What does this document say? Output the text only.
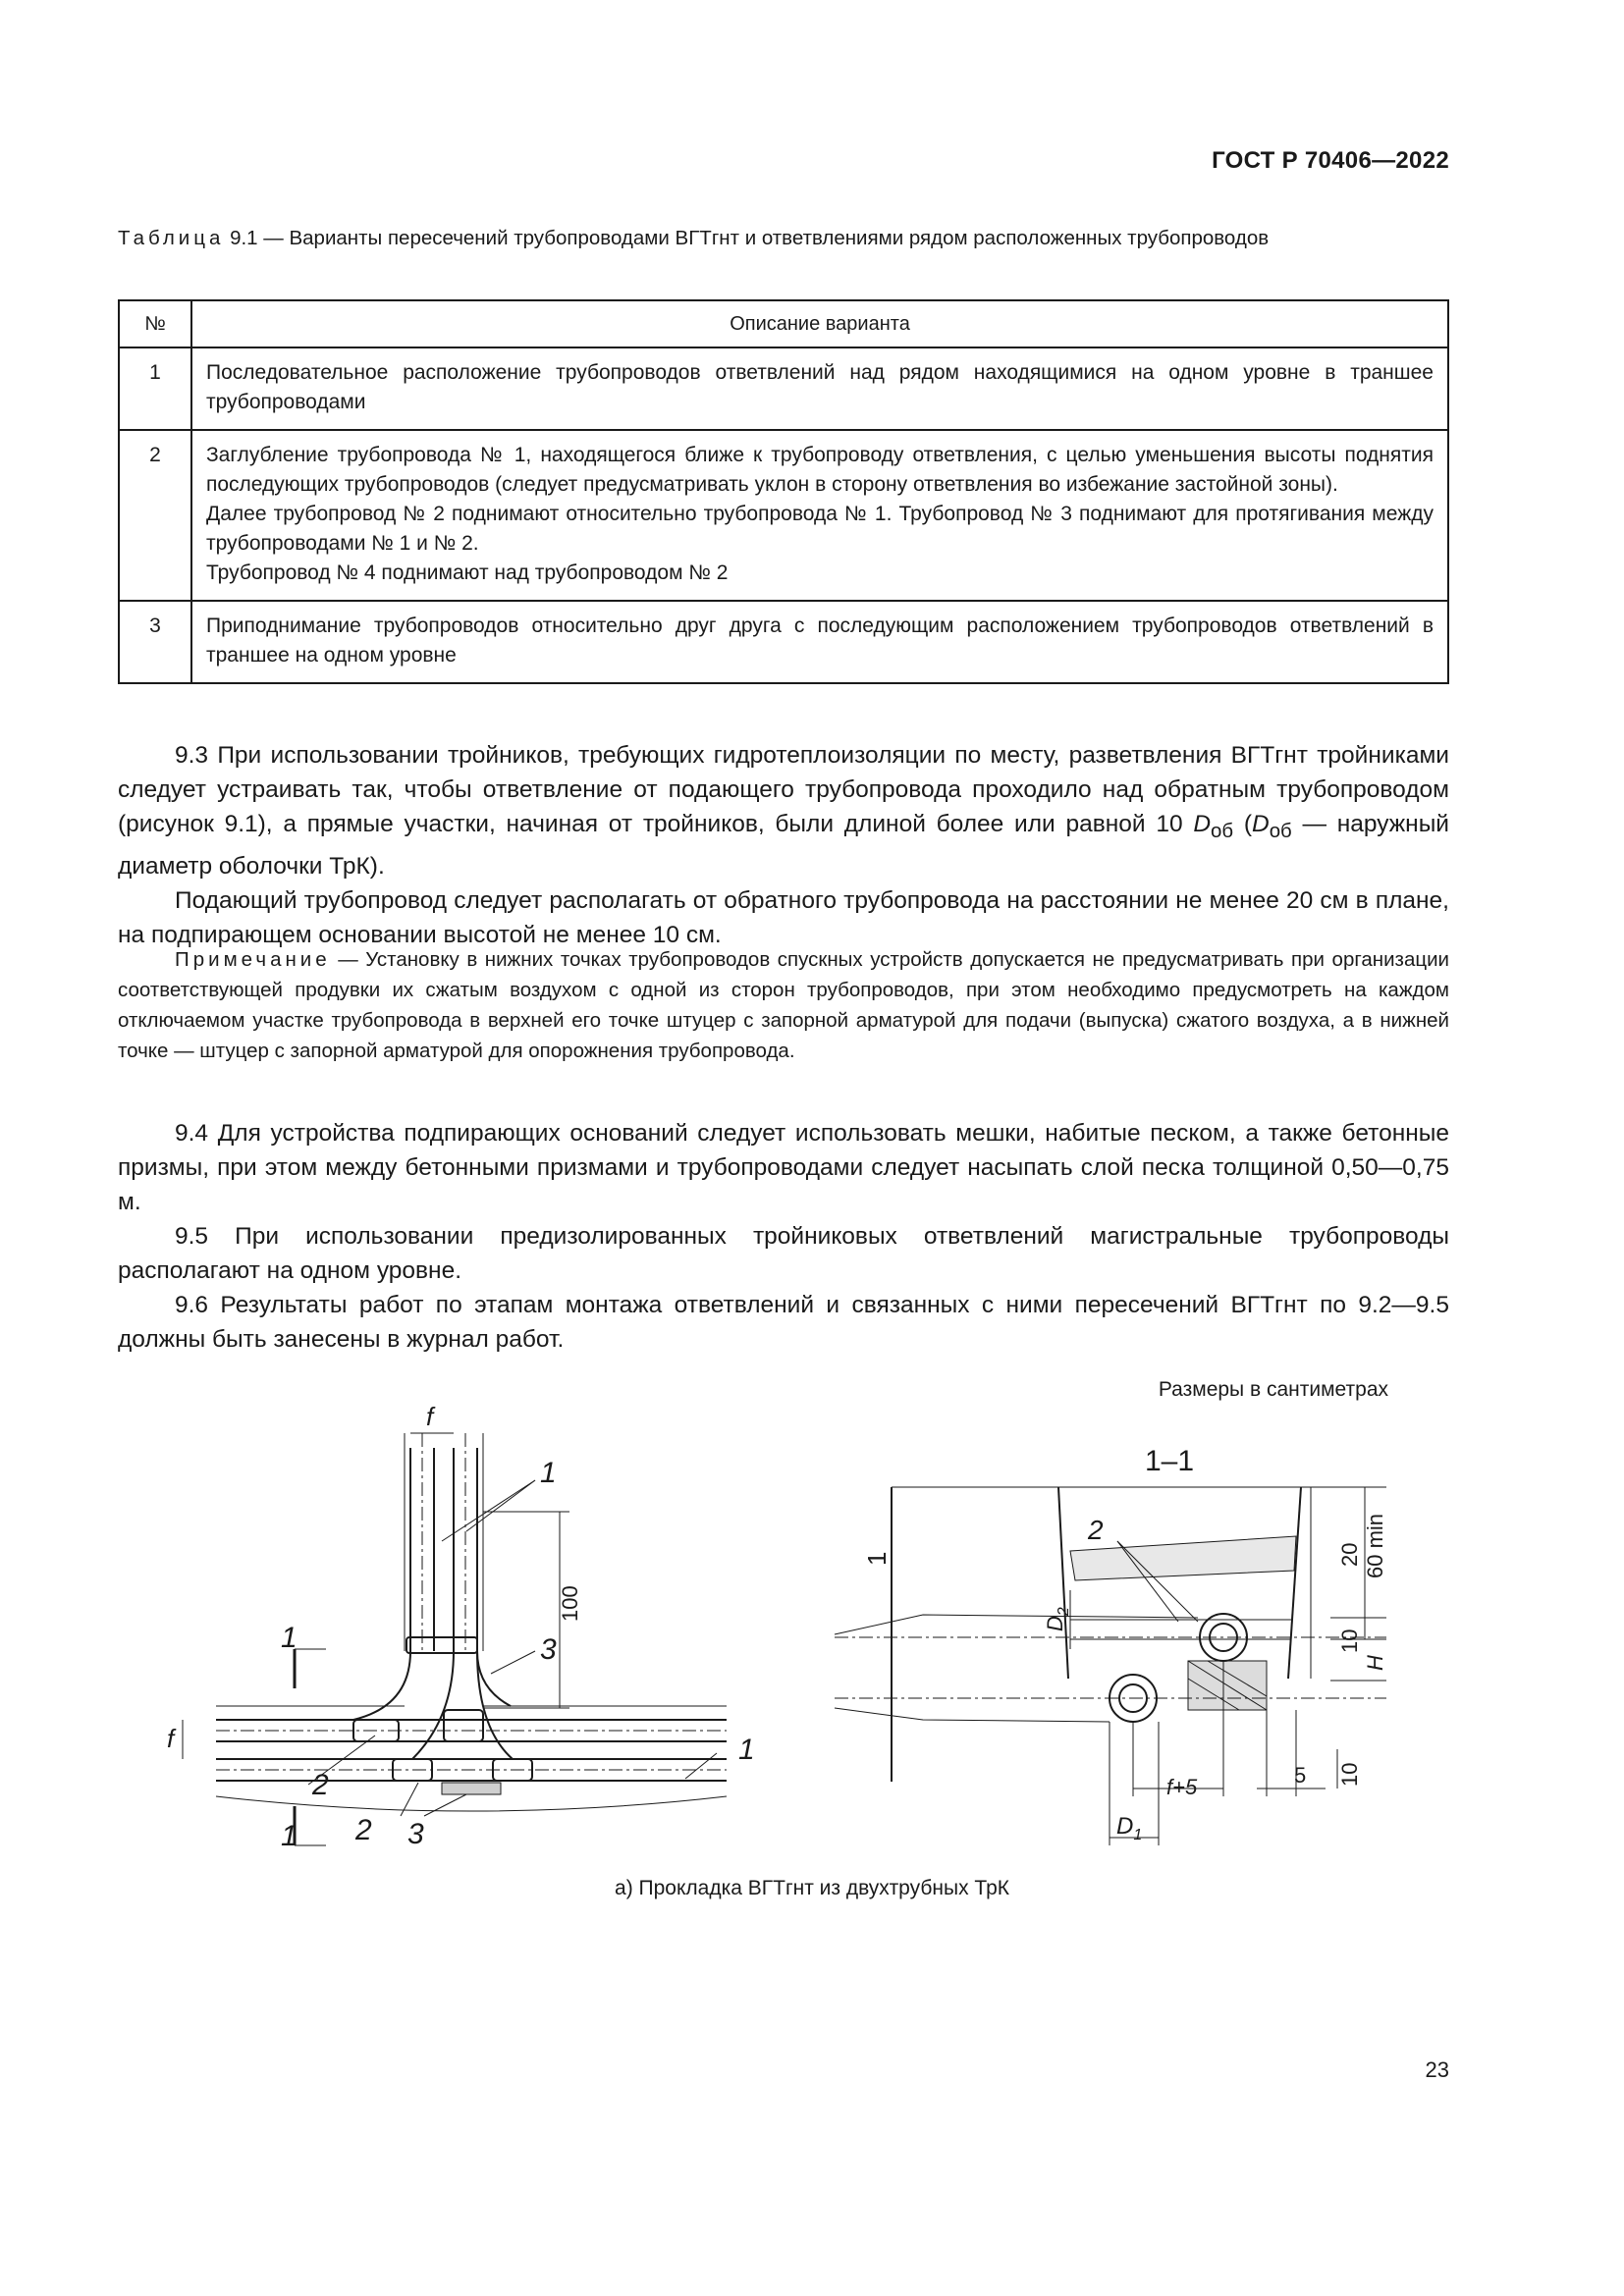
ГОСТ Р 70406—2022
Таблица 9.1 — Варианты пересечений трубопроводами ВГТгнт и ответвлениями рядом расположенных трубопроводов
№	Описание варианта
1	Последовательное расположение трубопроводов ответвлений над рядом находящимися на одном уровне в траншее трубопроводами

2	Заглубление трубопровода № 1, находящегося ближе к трубопроводу ответвления, с целью уменьшения высоты поднятия последующих трубопроводов (следует предусматривать уклон в сторону ответвления во избежание застойной зоны).
Далее трубопровод № 2 поднимают относительно трубопровода № 1. Трубопровод № 3 поднимают для протягивания между трубопроводами № 1 и № 2.
Трубопровод № 4 поднимают над трубопроводом № 2

3	Приподнимание трубопроводов относительно друг друга с последующим расположением трубопроводов ответвлений в траншее на одном уровне

9.3 При использовании тройников, требующих гидротеплоизоляции по месту, разветвления ВГТгнт тройниками следует устраивать так, чтобы ответвление от подающего трубопровода проходило над обратным трубопроводом (рисунок 9.1), а прямые участки, начиная от тройников, были длиной более или равной 10 $D_{об}$ ($D_{об}$ — наружный диаметр оболочки ТрК).

Подающий трубопровод следует располагать от обратного трубопровода на расстоянии не менее 20 см в плане, на подпирающем основании высотой не менее 10 см.

Примечание — Установку в нижних точках трубопроводов спускных устройств допускается не предусматривать при организации соответствующей продувки их сжатым воздухом с одной из сторон трубопроводов, при этом необходимо предусмотреть на каждом отключаемом участке трубопровода в верхней его точке штуцер с запорной арматурой для подачи (выпуска) сжатого воздуха, а в нижней точке — штуцер с запорной арматурой для опорожнения трубопровода.

9.4 Для устройства подпирающих оснований следует использовать мешки, набитые песком, а также бетонные призмы, при этом между бетонными призмами и трубопроводами следует насыпать слой песка толщиной 0,50—0,75 м.

9.5 При использовании предизолированных тройниковых ответвлений магистральные трубопроводы располагают на одном уровне.

9.6 Результаты работ по этапам монтажа ответвлений и связанных с ними пересечений ВГТгнт по 9.2—9.5 должны быть занесены в журнал работ.

Размеры в сантиметрах
f
f
1
3
1
1
2
2 3
1
100
1–1
2
f+5	5
$D_1$
$D_2$
20 60 min
10
H
10
1
а) Прокладка ВГТгнт из двухтрубных ТрК
23
